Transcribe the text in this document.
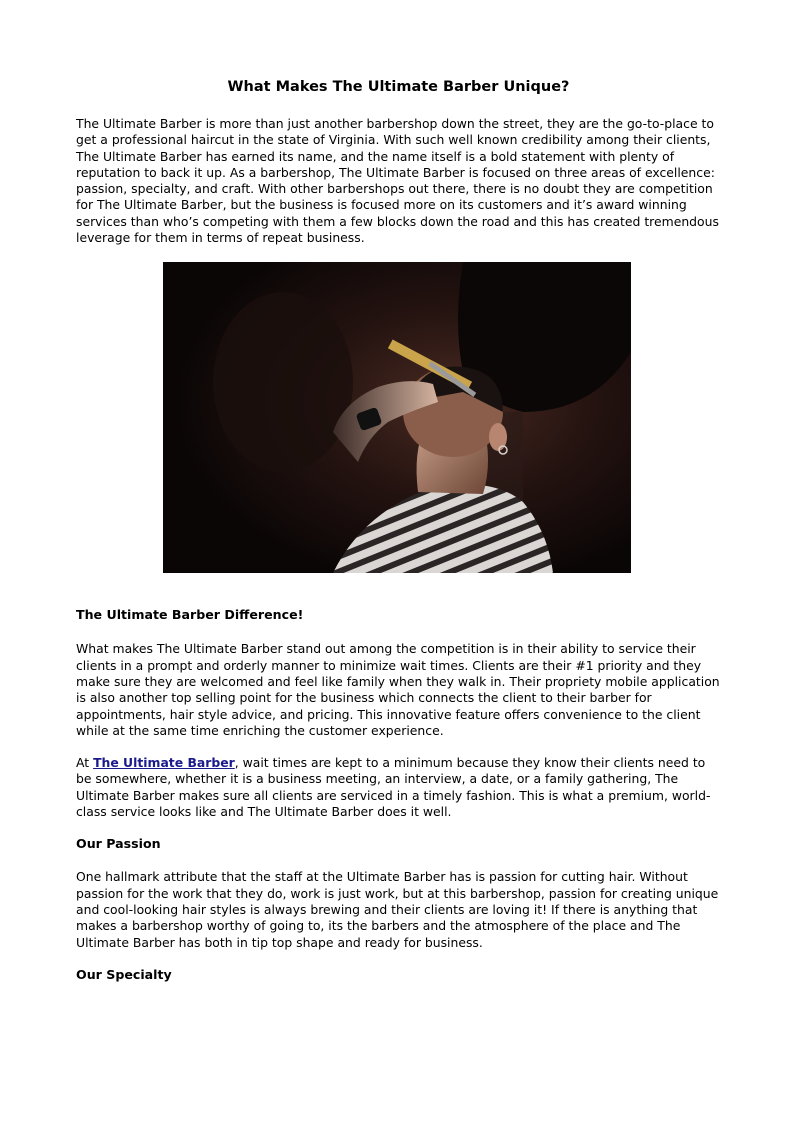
What Makes The Ultimate Barber Unique?

The Ultimate Barber is more than just another barbershop down the street, they are the go-to-place to get a professional haircut in the state of Virginia. With such well known credibility among their clients, The Ultimate Barber has earned its name, and the name itself is a bold statement with plenty of reputation to back it up. As a barbershop, The Ultimate Barber is focused on three areas of excellence: passion, specialty, and craft. With other barbershops out there, there is no doubt they are competition for The Ultimate Barber, but the business is focused more on its customers and it’s award winning services than who’s competing with them a few blocks down the road and this has created tremendous leverage for them in terms of repeat business.

The Ultimate Barber Difference!

What makes The Ultimate Barber stand out among the competition is in their ability to service their clients in a prompt and orderly manner to minimize wait times. Clients are their #1 priority and they make sure they are welcomed and feel like family when they walk in. Their propriety mobile application is also another top selling point for the business which connects the client to their barber for appointments, hair style advice, and pricing. This innovative feature offers convenience to the client while at the same time enriching the customer experience.

At The Ultimate Barber, wait times are kept to a minimum because they know their clients need to be somewhere, whether it is a business meeting, an interview, a date, or a family gathering, The Ultimate Barber makes sure all clients are serviced in a timely fashion. This is what a premium, world-class service looks like and The Ultimate Barber does it well.

Our Passion

One hallmark attribute that the staff at the Ultimate Barber has is passion for cutting hair. Without passion for the work that they do, work is just work, but at this barbershop, passion for creating unique and cool-looking hair styles is always brewing and their clients are loving it! If there is anything that makes a barbershop worthy of going to, its the barbers and the atmosphere of the place and The Ultimate Barber has both in tip top shape and ready for business.

Our Specialty
